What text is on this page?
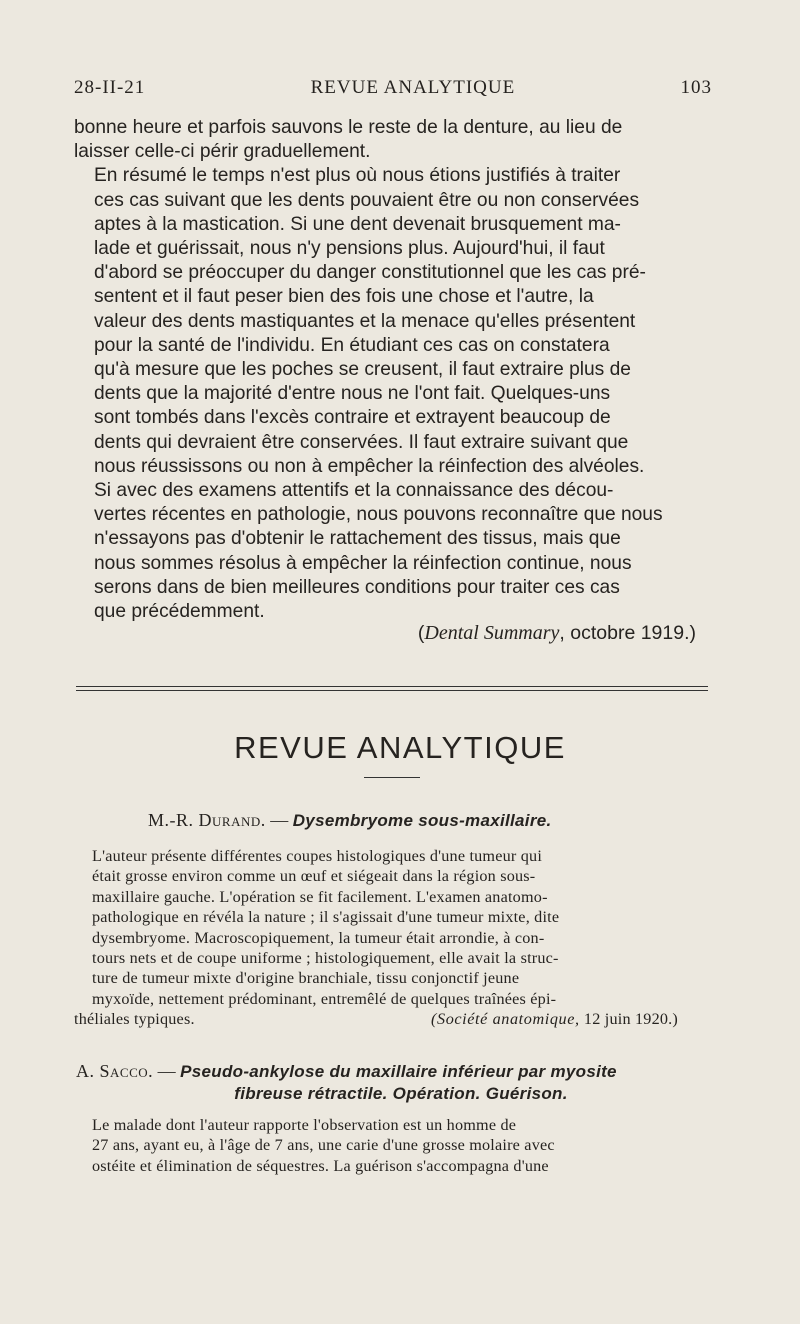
28-II-21	REVUE ANALYTIQUE	103

bonne heure et parfois sauvons le reste de la denture, au lieu de
laisser celle-ci périr graduellement.

En résumé le temps n'est plus où nous étions justifiés à traiter
ces cas suivant que les dents pouvaient être ou non conservées
aptes à la mastication. Si une dent devenait brusquement ma-
lade et guérissait, nous n'y pensions plus. Aujourd'hui, il faut
d'abord se préoccuper du danger constitutionnel que les cas pré-
sentent et il faut peser bien des fois une chose et l'autre, la
valeur des dents mastiquantes et la menace qu'elles présentent
pour la santé de l'individu. En étudiant ces cas on constatera
qu'à mesure que les poches se creusent, il faut extraire plus de
dents que la majorité d'entre nous ne l'ont fait. Quelques-uns
sont tombés dans l'excès contraire et extrayent beaucoup de
dents qui devraient être conservées. Il faut extraire suivant que
nous réussissons ou non à empêcher la réinfection des alvéoles.

Si avec des examens attentifs et la connaissance des décou-
vertes récentes en pathologie, nous pouvons reconnaître que nous
n'essayons pas d'obtenir le rattachement des tissus, mais que
nous sommes résolus à empêcher la réinfection continue, nous
serons dans de bien meilleures conditions pour traiter ces cas
que précédemment.

(Dental Summary, octobre 1919.)
REVUE ANALYTIQUE
M.-R. Durand. — Dysembryome sous-maxillaire.

L'auteur présente différentes coupes histologiques d'une tumeur qui
était grosse environ comme un œuf et siégeait dans la région sous-
maxillaire gauche. L'opération se fit facilement. L'examen anatomo-
pathologique en révéla la nature ; il s'agissait d'une tumeur mixte, dite
dysembryome. Macroscopiquement, la tumeur était arrondie, à con-
tours nets et de coupe uniforme ; histologiquement, elle avait la struc-
ture de tumeur mixte d'origine branchiale, tissu conjonctif jeune
myxoïde, nettement prédominant, entremêlé de quelques traînées épi-
théliales typiques.	(Société anatomique, 12 juin 1920.)

A. Sacco. — Pseudo-ankylose du maxillaire inférieur par myosite
fibreuse rétractile. Opération. Guérison.

Le malade dont l'auteur rapporte l'observation est un homme de
27 ans, ayant eu, à l'âge de 7 ans, une carie d'une grosse molaire avec
ostéite et élimination de séquestres. La guérison s'accompagna d'une
